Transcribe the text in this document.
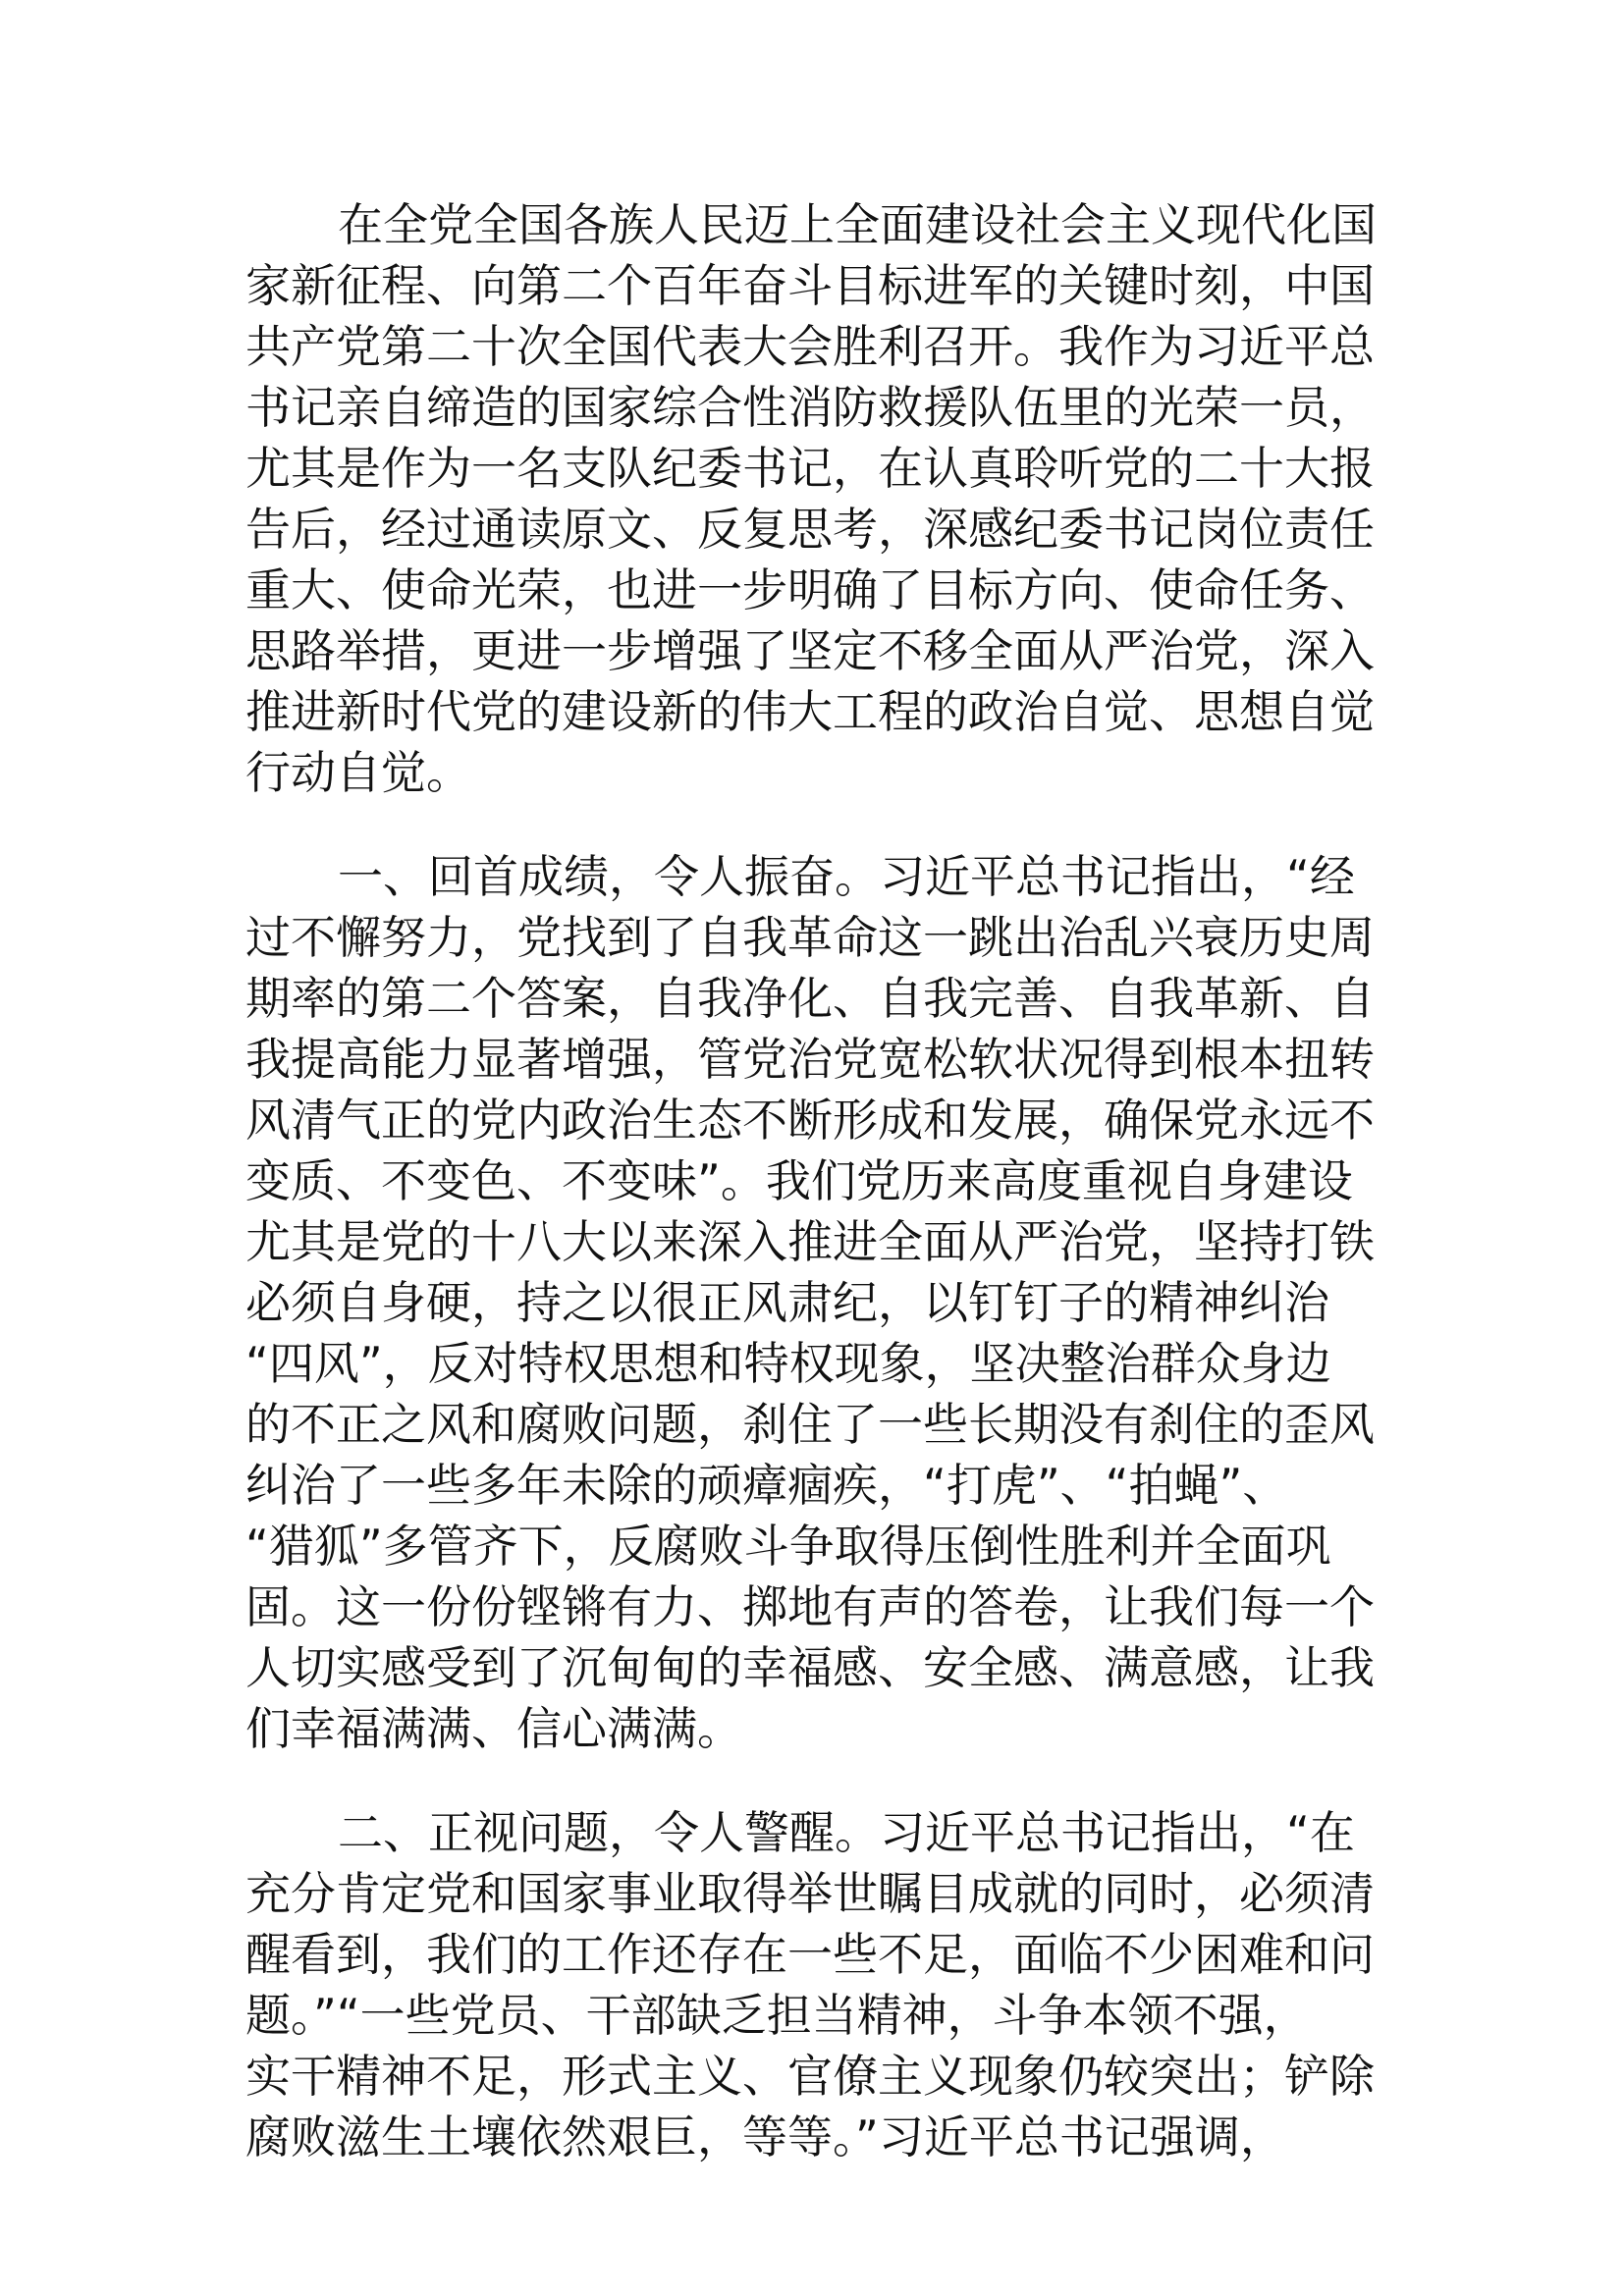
在全党全国各族人民迈上全面建设社会主义现代化国
家新征程、向第二个百年奋斗目标进军的关键时刻，中国
共产党第二十次全国代表大会胜利召开。我作为习近平总
书记亲自缔造的国家综合性消防救援队伍里的光荣一员，
尤其是作为一名支队纪委书记，在认真聆听党的二十大报
告后，经过通读原文、反复思考，深感纪委书记岗位责任
重大、使命光荣，也进一步明确了目标方向、使命任务、
思路举措，更进一步增强了坚定不移全面从严治党，深入
推进新时代党的建设新的伟大工程的政治自觉、思想自觉
行动自觉。

一、回首成绩，令人振奋。习近平总书记指出，“经
过不懈努力，党找到了自我革命这一跳出治乱兴衰历史周
期率的第二个答案，自我净化、自我完善、自我革新、自
我提高能力显著增强，管党治党宽松软状况得到根本扭转
风清气正的党内政治生态不断形成和发展，确保党永远不
变质、不变色、不变味”。我们党历来高度重视自身建设
尤其是党的十八大以来深入推进全面从严治党，坚持打铁
必须自身硬，持之以很正风肃纪，以钉钉子的精神纠治
“四风”，反对特权思想和特权现象，坚决整治群众身边
的不正之风和腐败问题，刹住了一些长期没有刹住的歪风
纠治了一些多年未除的顽瘴痼疾，“打虎”、“拍蝇”、
“猎狐”多管齐下，反腐败斗争取得压倒性胜利并全面巩
固。这一份份铿锵有力、掷地有声的答卷，让我们每一个
人切实感受到了沉甸甸的幸福感、安全感、满意感，让我
们幸福满满、信心满满。

二、正视问题，令人警醒。习近平总书记指出，“在
充分肯定党和国家事业取得举世瞩目成就的同时，必须清
醒看到，我们的工作还存在一些不足，面临不少困难和问
题。”“一些党员、干部缺乏担当精神，斗争本领不强，
实干精神不足，形式主义、官僚主义现象仍较突出；铲除
腐败滋生土壤依然艰巨，等等。”习近平总书记强调，
